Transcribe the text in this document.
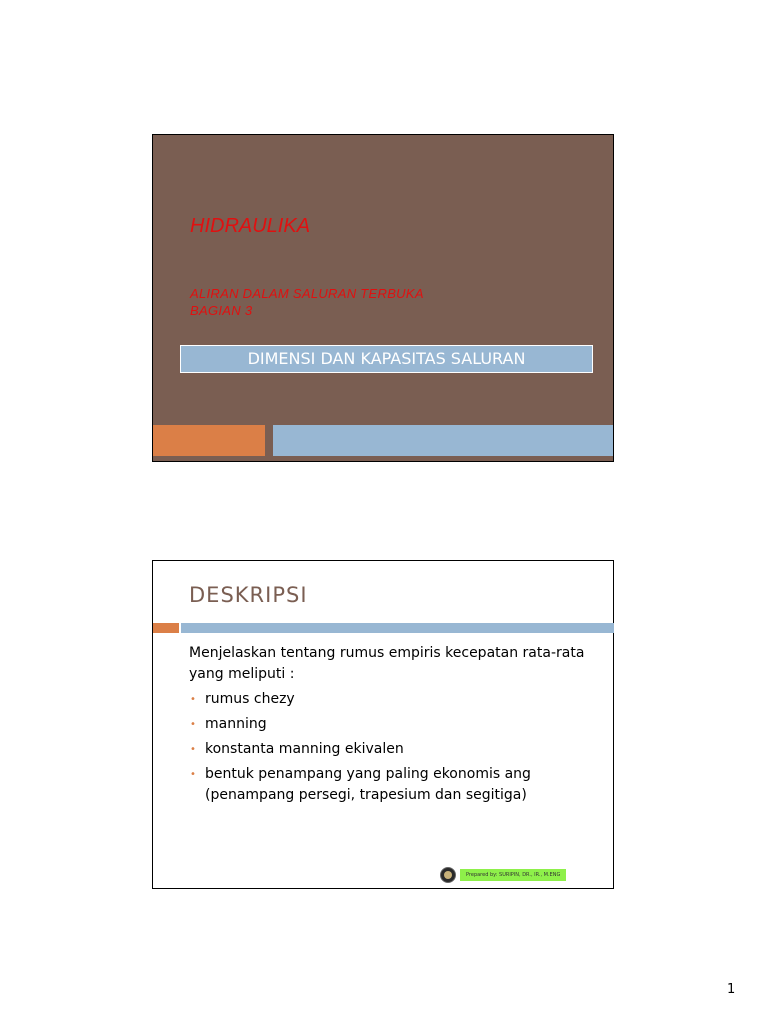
HIDRAULIKA
ALIRAN DALAM SALURAN TERBUKA
BAGIAN 3
DIMENSI DAN KAPASITAS SALURAN
DESKRIPSI

Menjelaskan tentang rumus empiris kecepatan rata-rata yang meliputi :

• rumus chezy
• manning
• konstanta manning ekivalen
• bentuk penampang yang paling ekonomis ang (penampang persegi, trapesium dan segitiga)
Prepared by: SURIPIN, DR., IR., M.ENG
1
